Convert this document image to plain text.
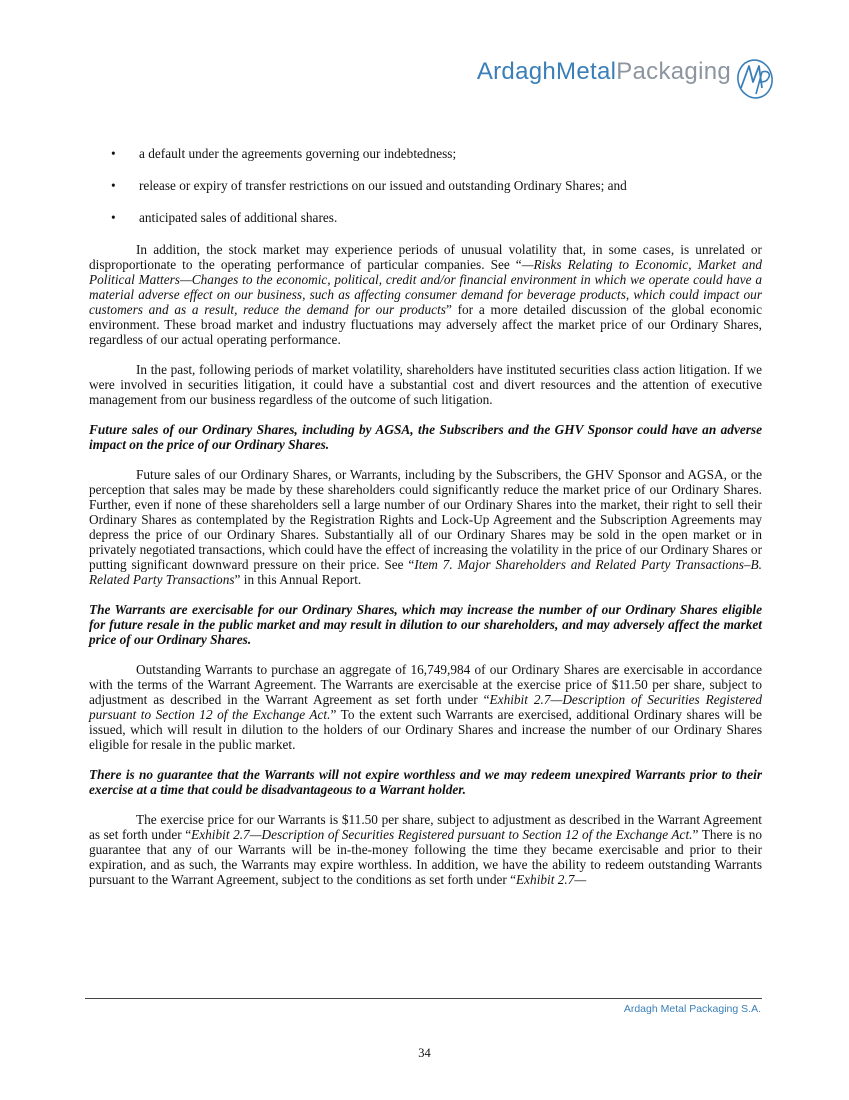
ArdaghMetalPackaging
• a default under the agreements governing our indebtedness;
• release or expiry of transfer restrictions on our issued and outstanding Ordinary Shares; and
• anticipated sales of additional shares.

In addition, the stock market may experience periods of unusual volatility that, in some cases, is unrelated or disproportionate to the operating performance of particular companies. See “—Risks Relating to Economic, Market and Political Matters—Changes to the economic, political, credit and/or financial environment in which we operate could have a material adverse effect on our business, such as affecting consumer demand for beverage products, which could impact our customers and as a result, reduce the demand for our products” for a more detailed discussion of the global economic environment. These broad market and industry fluctuations may adversely affect the market price of our Ordinary Shares, regardless of our actual operating performance.

In the past, following periods of market volatility, shareholders have instituted securities class action litigation. If we were involved in securities litigation, it could have a substantial cost and divert resources and the attention of executive management from our business regardless of the outcome of such litigation.

Future sales of our Ordinary Shares, including by AGSA, the Subscribers and the GHV Sponsor could have an adverse impact on the price of our Ordinary Shares.

Future sales of our Ordinary Shares, or Warrants, including by the Subscribers, the GHV Sponsor and AGSA, or the perception that sales may be made by these shareholders could significantly reduce the market price of our Ordinary Shares. Further, even if none of these shareholders sell a large number of our Ordinary Shares into the market, their right to sell their Ordinary Shares as contemplated by the Registration Rights and Lock-Up Agreement and the Subscription Agreements may depress the price of our Ordinary Shares. Substantially all of our Ordinary Shares may be sold in the open market or in privately negotiated transactions, which could have the effect of increasing the volatility in the price of our Ordinary Shares or putting significant downward pressure on their price. See “Item 7. Major Shareholders and Related Party Transactions–B. Related Party Transactions” in this Annual Report.

The Warrants are exercisable for our Ordinary Shares, which may increase the number of our Ordinary Shares eligible for future resale in the public market and may result in dilution to our shareholders, and may adversely affect the market price of our Ordinary Shares.

Outstanding Warrants to purchase an aggregate of 16,749,984 of our Ordinary Shares are exercisable in accordance with the terms of the Warrant Agreement. The Warrants are exercisable at the exercise price of $11.50 per share, subject to adjustment as described in the Warrant Agreement as set forth under “Exhibit 2.7—Description of Securities Registered pursuant to Section 12 of the Exchange Act.” To the extent such Warrants are exercised, additional Ordinary shares will be issued, which will result in dilution to the holders of our Ordinary Shares and increase the number of our Ordinary Shares eligible for resale in the public market.

There is no guarantee that the Warrants will not expire worthless and we may redeem unexpired Warrants prior to their exercise at a time that could be disadvantageous to a Warrant holder.

The exercise price for our Warrants is $11.50 per share, subject to adjustment as described in the Warrant Agreement as set forth under “Exhibit 2.7—Description of Securities Registered pursuant to Section 12 of the Exchange Act.” There is no guarantee that any of our Warrants will be in-the-money following the time they became exercisable and prior to their expiration, and as such, the Warrants may expire worthless. In addition, we have the ability to redeem outstanding Warrants pursuant to the Warrant Agreement, subject to the conditions as set forth under “Exhibit 2.7—

Ardagh Metal Packaging S.A.
34
